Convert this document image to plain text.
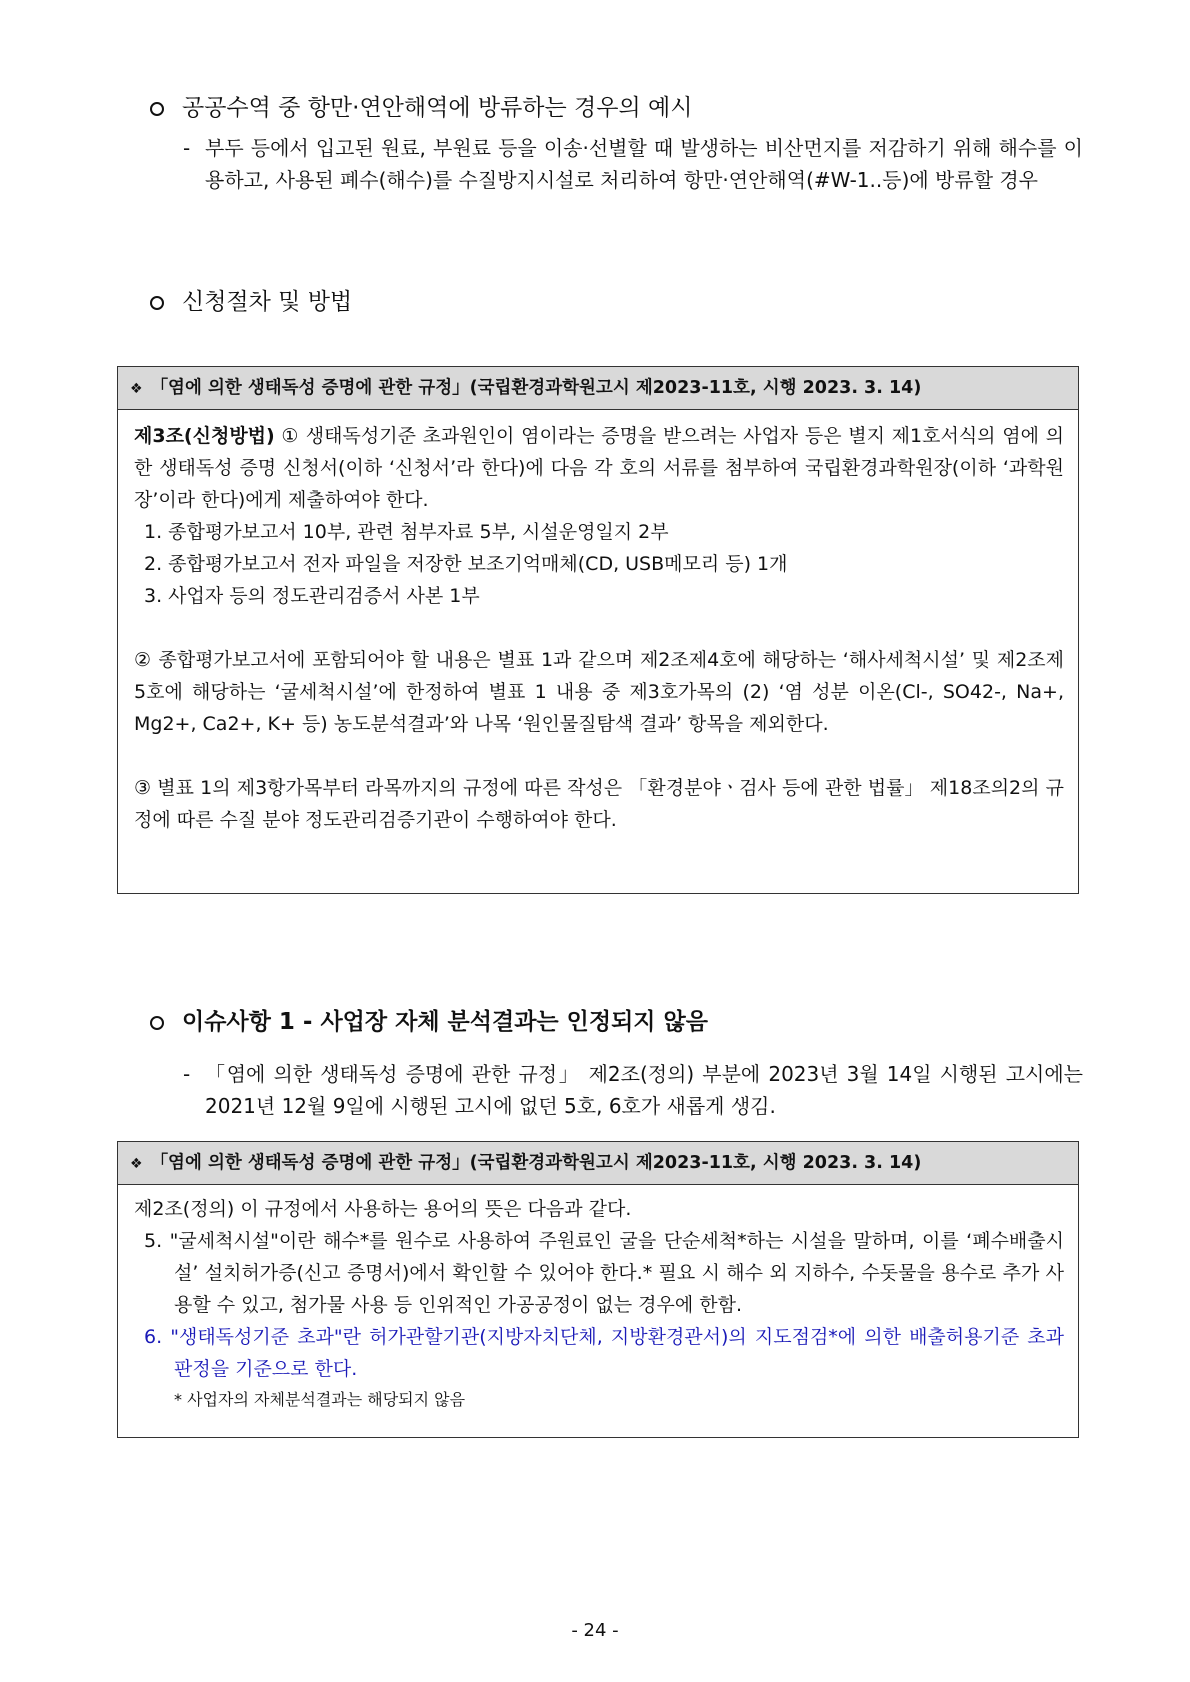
공공수역 중 항만·연안해역에 방류하는 경우의 예시
- 부두 등에서 입고된 원료, 부원료 등을 이송·선별할 때 발생하는 비산먼지를 저감하기 위해 해수를 이용하고, 사용된 폐수(해수)를 수질방지시설로 처리하여 항만·연안해역(#W-1..등)에 방류할 경우
신청절차 및 방법
❖ 「염에 의한 생태독성 증명에 관한 규정」(국립환경과학원고시 제2023-11호, 시행 2023. 3. 14)
제3조(신청방법) ① 생태독성기준 초과원인이 염이라는 증명을 받으려는 사업자 등은 별지 제1호서식의 염에 의한 생태독성 증명 신청서(이하 ‘신청서’라 한다)에 다음 각 호의 서류를 첨부하여 국립환경과학원장(이하 ‘과학원장’이라 한다)에게 제출하여야 한다.
1. 종합평가보고서 10부, 관련 첨부자료 5부, 시설운영일지 2부
2. 종합평가보고서 전자 파일을 저장한 보조기억매체(CD, USB메모리 등) 1개
3. 사업자 등의 정도관리검증서 사본 1부
② 종합평가보고서에 포함되어야 할 내용은 별표 1과 같으며 제2조제4호에 해당하는 ‘해사세척시설’ 및 제2조제5호에 해당하는 ‘굴세척시설’에 한정하여 별표 1 내용 중 제3호가목의 (2) ‘염 성분 이온(Cl-, SO42-, Na+, Mg2+, Ca2+, K+ 등) 농도분석결과’와 나목 ‘원인물질탐색 결과’ 항목을 제외한다.
③ 별표 1의 제3항가목부터 라목까지의 규정에 따른 작성은 「환경분야ㆍ검사 등에 관한 법률」 제18조의2의 규정에 따른 수질 분야 정도관리검증기관이 수행하여야 한다.
이슈사항 1 - 사업장 자체 분석결과는 인정되지 않음
- 「염에 의한 생태독성 증명에 관한 규정」 제2조(정의) 부분에 2023년 3월 14일 시행된 고시에는 2021년 12월 9일에 시행된 고시에 없던 5호, 6호가 새롭게 생김.
❖ 「염에 의한 생태독성 증명에 관한 규정」(국립환경과학원고시 제2023-11호, 시행 2023. 3. 14)
제2조(정의) 이 규정에서 사용하는 용어의 뜻은 다음과 같다.
5. "굴세척시설"이란 해수*를 원수로 사용하여 주원료인 굴을 단순세척*하는 시설을 말하며, 이를 ‘폐수배출시설’ 설치허가증(신고 증명서)에서 확인할 수 있어야 한다.* 필요 시 해수 외 지하수, 수돗물을 용수로 추가 사용할 수 있고, 첨가물 사용 등 인위적인 가공공정이 없는 경우에 한함.
6. "생태독성기준 초과"란 허가관할기관(지방자치단체, 지방환경관서)의 지도점검*에 의한 배출허용기준 초과판정을 기준으로 한다.
* 사업자의 자체분석결과는 해당되지 않음
- 24 -
